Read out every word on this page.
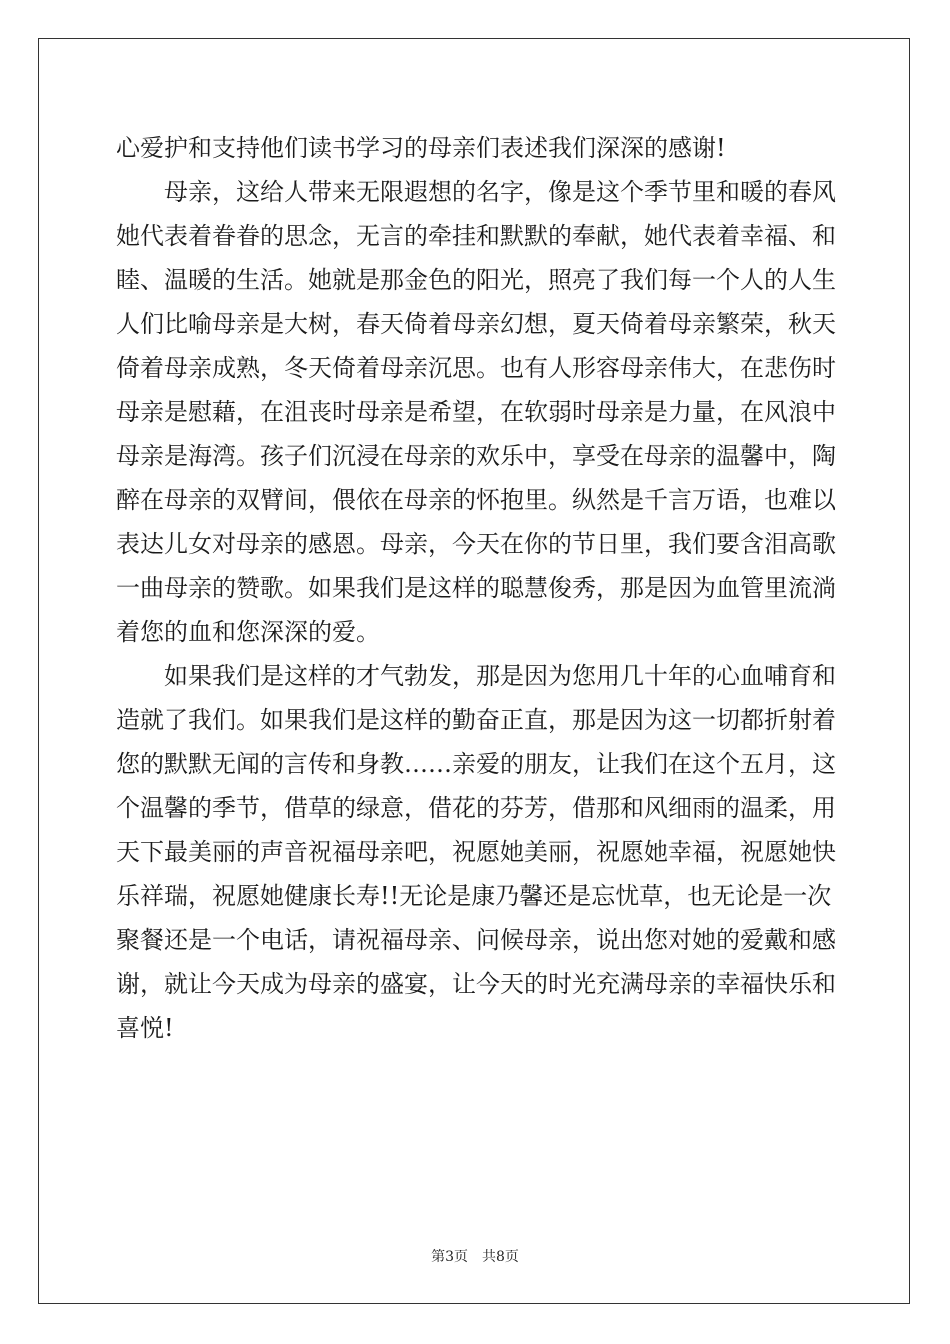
心爱护和支持他们读书学习的母亲们表述我们深深的感谢!
母亲，这给人带来无限遐想的名字，像是这个季节里和暖的春风
她代表着眷眷的思念，无言的牵挂和默默的奉献，她代表着幸福、和
睦、温暖的生活。她就是那金色的阳光，照亮了我们每一个人的人生
人们比喻母亲是大树，春天倚着母亲幻想，夏天倚着母亲繁荣，秋天
倚着母亲成熟，冬天倚着母亲沉思。也有人形容母亲伟大，在悲伤时
母亲是慰藉，在沮丧时母亲是希望，在软弱时母亲是力量，在风浪中
母亲是海湾。孩子们沉浸在母亲的欢乐中，享受在母亲的温馨中，陶
醉在母亲的双臂间，偎依在母亲的怀抱里。纵然是千言万语，也难以
表达儿女对母亲的感恩。母亲，今天在你的节日里，我们要含泪高歌
一曲母亲的赞歌。如果我们是这样的聪慧俊秀，那是因为血管里流淌
着您的血和您深深的爱。
如果我们是这样的才气勃发，那是因为您用几十年的心血哺育和
造就了我们。如果我们是这样的勤奋正直，那是因为这一切都折射着
您的默默无闻的言传和身教……亲爱的朋友，让我们在这个五月，这
个温馨的季节，借草的绿意，借花的芬芳，借那和风细雨的温柔，用
天下最美丽的声音祝福母亲吧，祝愿她美丽，祝愿她幸福，祝愿她快
乐祥瑞，祝愿她健康长寿!!无论是康乃馨还是忘忧草，也无论是一次
聚餐还是一个电话，请祝福母亲、问候母亲，说出您对她的爱戴和感
谢，就让今天成为母亲的盛宴，让今天的时光充满母亲的幸福快乐和
喜悦!
第3页　共8页
